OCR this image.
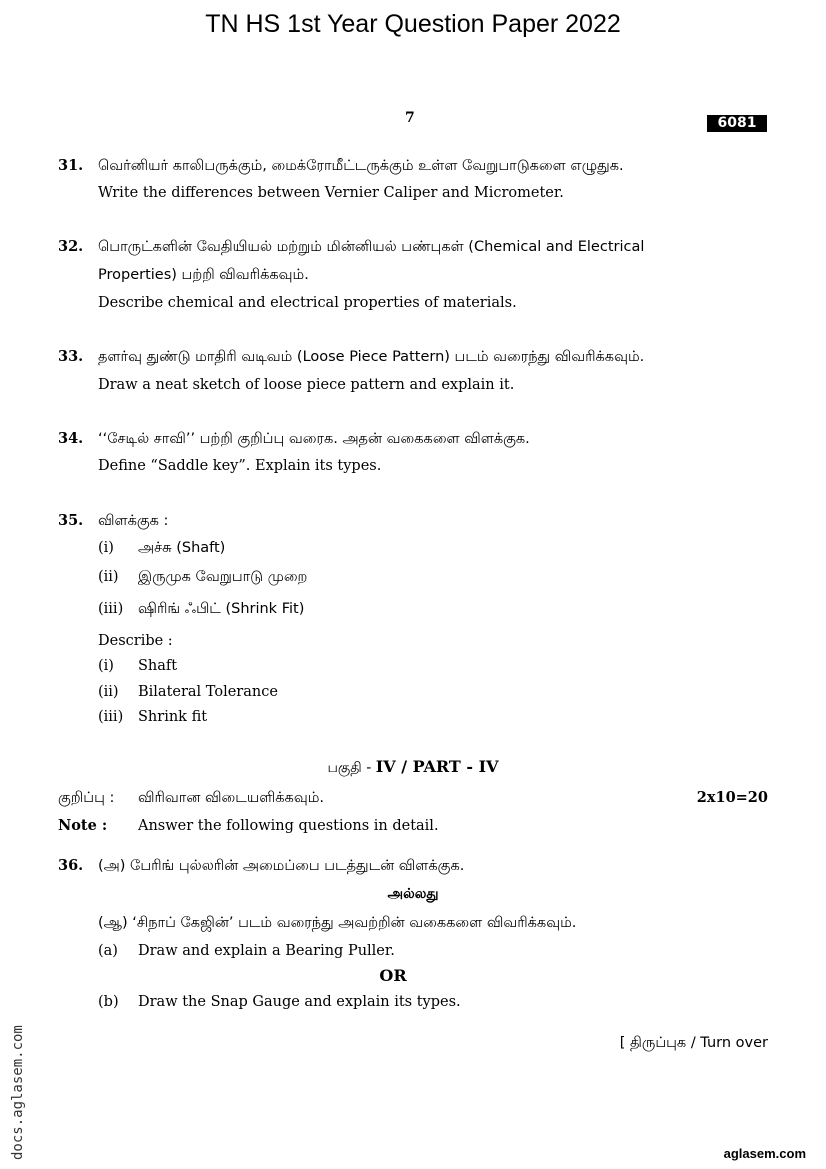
TN HS 1st Year Question Paper 2022
7	6081
31. வெர்னியர் காலிபருக்கும், மைக்ரோமீட்டருக்கும் உள்ள வேறுபாடுகளை எழுதுக.
Write the differences between Vernier Caliper and Micrometer.
32. பொருட்களின் வேதியியல் மற்றும் மின்னியல் பண்புகள் (Chemical and Electrical
Properties) பற்றி விவரிக்கவும்.
Describe chemical and electrical properties of materials.
33. தளர்வு துண்டு மாதிரி வடிவம் (Loose Piece Pattern) படம் வரைந்து விவரிக்கவும்.
Draw a neat sketch of loose piece pattern and explain it.
34. ‘‘சேடில் சாவி’’ பற்றி குறிப்பு வரைக. அதன் வகைகளை விளக்குக.
Define “Saddle key”. Explain its types.
35. விளக்குக :
(i) அச்சு (Shaft)
(ii) இருமுக வேறுபாடு முறை
(iii) ஷிரிங் ஃபிட் (Shrink Fit)
Describe :
(i) Shaft
(ii) Bilateral Tolerance
(iii) Shrink fit
பகுதி - IV / PART - IV
குறிப்பு : விரிவான விடையளிக்கவும்.	2x10=20
Note : Answer the following questions in detail.
36. (அ) பேரிங் புல்லரின் அமைப்பை படத்துடன் விளக்குக.
அல்லது
(ஆ) ‘சிநாப் கேஜின்’ படம் வரைந்து அவற்றின் வகைகளை விவரிக்கவும்.
(a) Draw and explain a Bearing Puller.
OR
(b) Draw the Snap Gauge and explain its types.
[ திருப்புக / Turn over
docs.aglasem.com	aglasem.com
